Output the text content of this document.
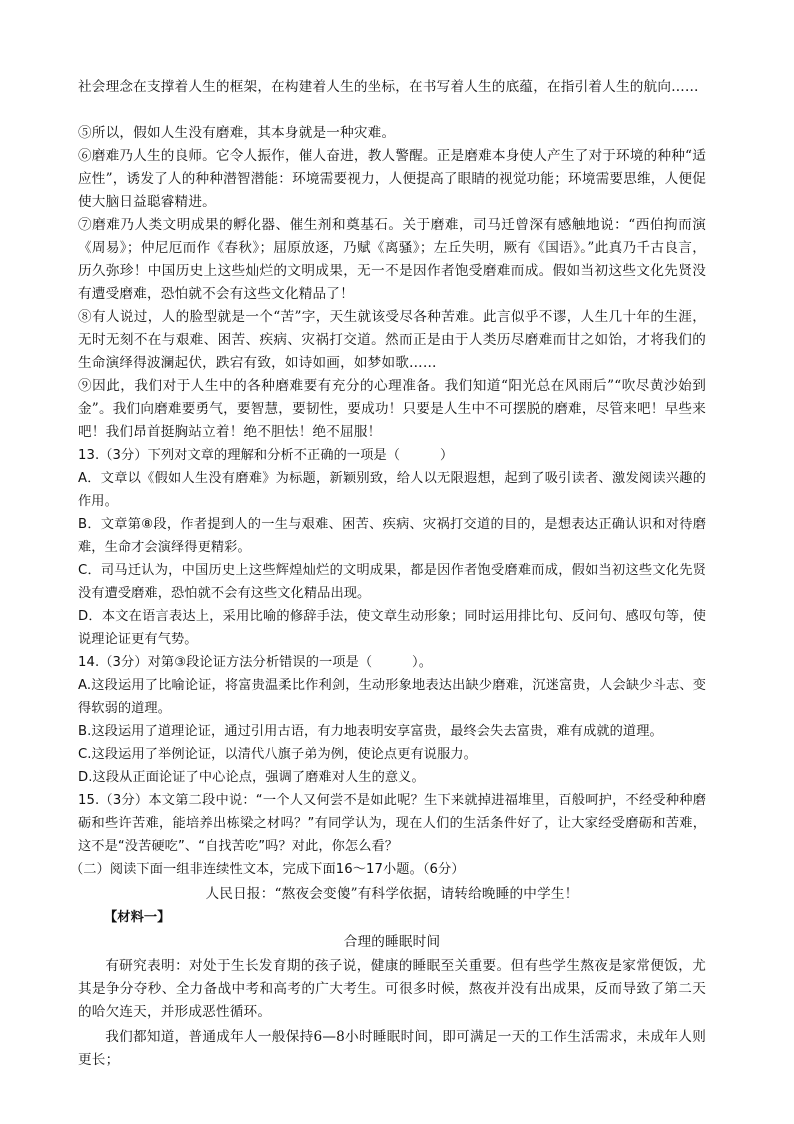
社会理念在支撑着人生的框架，在构建着人生的坐标，在书写着人生的底蕴，在指引着人生的航向……

⑤所以，假如人生没有磨难，其本身就是一种灾难。

⑥磨难乃人生的良师。它令人振作，催人奋进，教人警醒。正是磨难本身使人产生了对于环境的种种“适应性”，诱发了人的种种潜智潜能：环境需要视力，人便提高了眼睛的视觉功能；环境需要思维，人便促使大脑日益聪睿精进。

⑦磨难乃人类文明成果的孵化器、催生剂和奠基石。关于磨难，司马迁曾深有感触地说：“西伯拘而演《周易》；仲尼厄而作《春秋》；屈原放逐，乃赋《离骚》；左丘失明，厥有《国语》。”此真乃千古良言，历久弥珍！中国历史上这些灿烂的文明成果，无一不是因作者饱受磨难而成。假如当初这些文化先贤没有遭受磨难，恐怕就不会有这些文化精品了！

⑧有人说过，人的脸型就是一个“苦”字，天生就该受尽各种苦难。此言似乎不谬，人生几十年的生涯，无时无刻不在与艰难、困苦、疾病、灾祸打交道。然而正是由于人类历尽磨难而甘之如饴，才将我们的生命演绎得波澜起伏，跌宕有致，如诗如画，如梦如歌……

⑨因此，我们对于人生中的各种磨难要有充分的心理准备。我们知道“阳光总在风雨后”“吹尽黄沙始到金”。我们向磨难要勇气，要智慧，要韧性，要成功！只要是人生中不可摆脱的磨难，尽管来吧！早些来吧！我们昂首挺胸站立着！绝不胆怯！绝不屈服！

13.（3分）下列对文章的理解和分析不正确的一项是（　　　）

A．文章以《假如人生没有磨难》为标题，新颖别致，给人以无限遐想，起到了吸引读者、激发阅读兴趣的作用。

B．文章第⑧段，作者提到人的一生与艰难、困苦、疾病、灾祸打交道的目的，是想表达正确认识和对待磨难，生命才会演绎得更精彩。

C．司马迁认为，中国历史上这些辉煌灿烂的文明成果，都是因作者饱受磨难而成，假如当初这些文化先贤没有遭受磨难，恐怕就不会有这些文化精品出现。

D．本文在语言表达上，采用比喻的修辞手法，使文章生动形象；同时运用排比句、反问句、感叹句等，使说理论证更有气势。

14.（3分）对第③段论证方法分析错误的一项是（　　　）。

A.这段运用了比喻论证，将富贵温柔比作利剑，生动形象地表达出缺少磨难，沉迷富贵，人会缺少斗志、变得软弱的道理。

B.这段运用了道理论证，通过引用古语，有力地表明安享富贵，最终会失去富贵，难有成就的道理。

C.这段运用了举例论证，以清代八旗子弟为例，使论点更有说服力。

D.这段从正面论证了中心论点，强调了磨难对人生的意义。

15.（3分）本文第二段中说：“一个人又何尝不是如此呢？生下来就掉进福堆里，百般呵护，不经受种种磨砺和些许苦难，能培养出栋梁之材吗？”有同学认为，现在人们的生活条件好了，让大家经受磨砺和苦难，这不是“没苦硬吃”、“自找苦吃”吗？对此，你怎么看？

（二）阅读下面一组非连续性文本，完成下面16～17小题。（6分）

人民日报：“熬夜会变傻”有科学依据，请转给晚睡的中学生！

【材料一】

合理的睡眠时间

有研究表明：对处于生长发育期的孩子说，健康的睡眠至关重要。但有些学生熬夜是家常便饭，尤其是争分夺秒、全力备战中考和高考的广大考生。可很多时候，熬夜并没有出成果，反而导致了第二天的哈欠连天，并形成恶性循环。

我们都知道，普通成年人一般保持6—8小时睡眠时间，即可满足一天的工作生活需求，未成年人则更长；
